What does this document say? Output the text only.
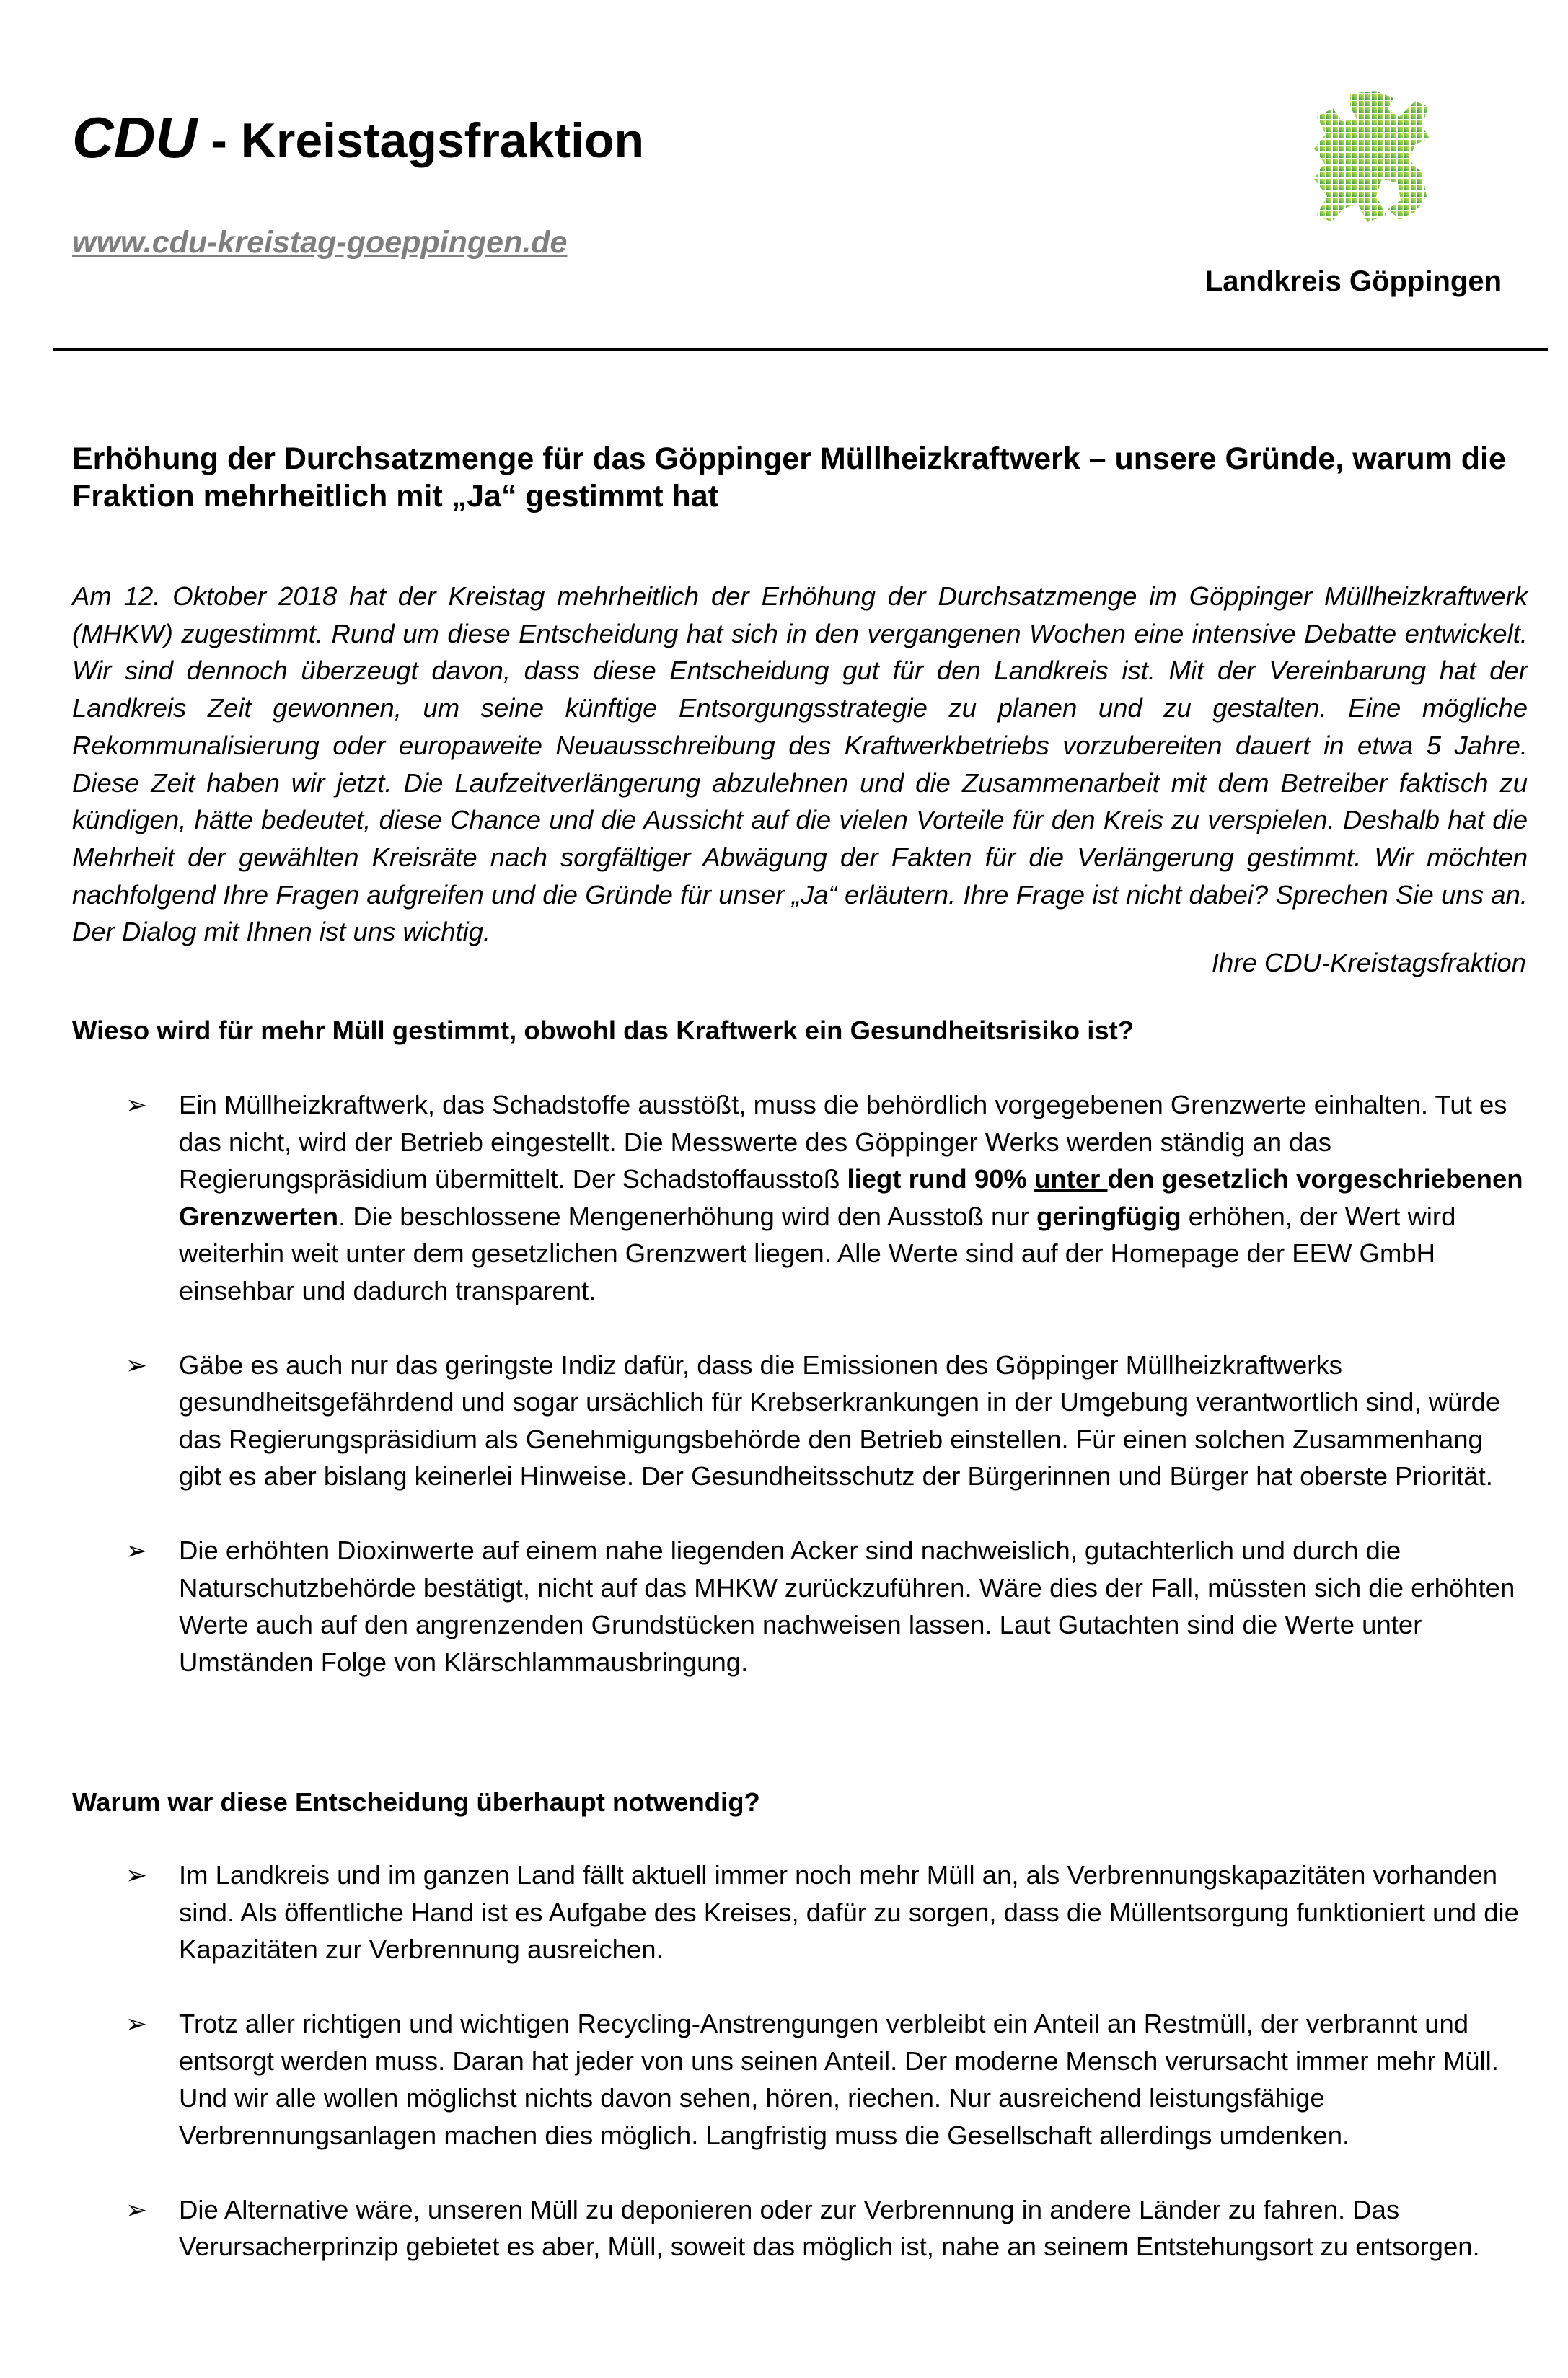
CDU - Kreistagsfraktion
www.cdu-kreistag-goeppingen.de
Landkreis Göppingen
Erhöhung der Durchsatzmenge für das Göppinger Müllheizkraftwerk – unsere Gründe, warum die Fraktion mehrheitlich mit „Ja“ gestimmt hat

Am 12. Oktober 2018 hat der Kreistag mehrheitlich der Erhöhung der Durchsatzmenge im Göppinger Müllheizkraftwerk (MHKW) zugestimmt. Rund um diese Entscheidung hat sich in den vergangenen Wochen eine intensive Debatte entwickelt. Wir sind dennoch überzeugt davon, dass diese Entscheidung gut für den Landkreis ist. Mit der Vereinbarung hat der Landkreis Zeit gewonnen, um seine künftige Entsorgungsstrategie zu planen und zu gestalten. Eine mögliche Rekommunalisierung oder europaweite Neuausschreibung des Kraftwerkbetriebs vorzubereiten dauert in etwa 5 Jahre. Diese Zeit haben wir jetzt. Die Laufzeitverlängerung abzulehnen und die Zusammenarbeit mit dem Betreiber faktisch zu kündigen, hätte bedeutet, diese Chance und die Aussicht auf die vielen Vorteile für den Kreis zu verspielen. Deshalb hat die Mehrheit der gewählten Kreisräte nach sorgfältiger Abwägung der Fakten für die Verlängerung gestimmt. Wir möchten nachfolgend Ihre Fragen aufgreifen und die Gründe für unser „Ja“ erläutern. Ihre Frage ist nicht dabei? Sprechen Sie uns an. Der Dialog mit Ihnen ist uns wichtig.

Ihre CDU-Kreistagsfraktion
Wieso wird für mehr Müll gestimmt, obwohl das Kraftwerk ein Gesundheitsrisiko ist?
➢ Ein Müllheizkraftwerk, das Schadstoffe ausstößt, muss die behördlich vorgegebenen Grenzwerte einhalten. Tut es das nicht, wird der Betrieb eingestellt. Die Messwerte des Göppinger Werks werden ständig an das Regierungspräsidium übermittelt. Der Schadstoffausstoß liegt rund 90% unter den gesetzlich vorgeschriebenen Grenzwerten. Die beschlossene Mengenerhöhung wird den Ausstoß nur geringfügig erhöhen, der Wert wird weiterhin weit unter dem gesetzlichen Grenzwert liegen. Alle Werte sind auf der Homepage der EEW GmbH einsehbar und dadurch transparent.
➢ Gäbe es auch nur das geringste Indiz dafür, dass die Emissionen des Göppinger Müllheizkraftwerks gesundheitsgefährdend und sogar ursächlich für Krebserkrankungen in der Umgebung verantwortlich sind, würde das Regierungspräsidium als Genehmigungsbehörde den Betrieb einstellen. Für einen solchen Zusammenhang gibt es aber bislang keinerlei Hinweise. Der Gesundheitsschutz der Bürgerinnen und Bürger hat oberste Priorität.
➢ Die erhöhten Dioxinwerte auf einem nahe liegenden Acker sind nachweislich, gutachterlich und durch die Naturschutzbehörde bestätigt, nicht auf das MHKW zurückzuführen. Wäre dies der Fall, müssten sich die erhöhten Werte auch auf den angrenzenden Grundstücken nachweisen lassen. Laut Gutachten sind die Werte unter Umständen Folge von Klärschlammausbringung.
Warum war diese Entscheidung überhaupt notwendig?
➢ Im Landkreis und im ganzen Land fällt aktuell immer noch mehr Müll an, als Verbrennungskapazitäten vorhanden sind. Als öffentliche Hand ist es Aufgabe des Kreises, dafür zu sorgen, dass die Müllentsorgung funktioniert und die Kapazitäten zur Verbrennung ausreichen.
➢ Trotz aller richtigen und wichtigen Recycling-Anstrengungen verbleibt ein Anteil an Restmüll, der verbrannt und entsorgt werden muss. Daran hat jeder von uns seinen Anteil. Der moderne Mensch verursacht immer mehr Müll. Und wir alle wollen möglichst nichts davon sehen, hören, riechen. Nur ausreichend leistungsfähige Verbrennungsanlagen machen dies möglich. Langfristig muss die Gesellschaft allerdings umdenken.
➢ Die Alternative wäre, unseren Müll zu deponieren oder zur Verbrennung in andere Länder zu fahren. Das Verursacherprinzip gebietet es aber, Müll, soweit das möglich ist, nahe an seinem Entstehungsort zu entsorgen.
